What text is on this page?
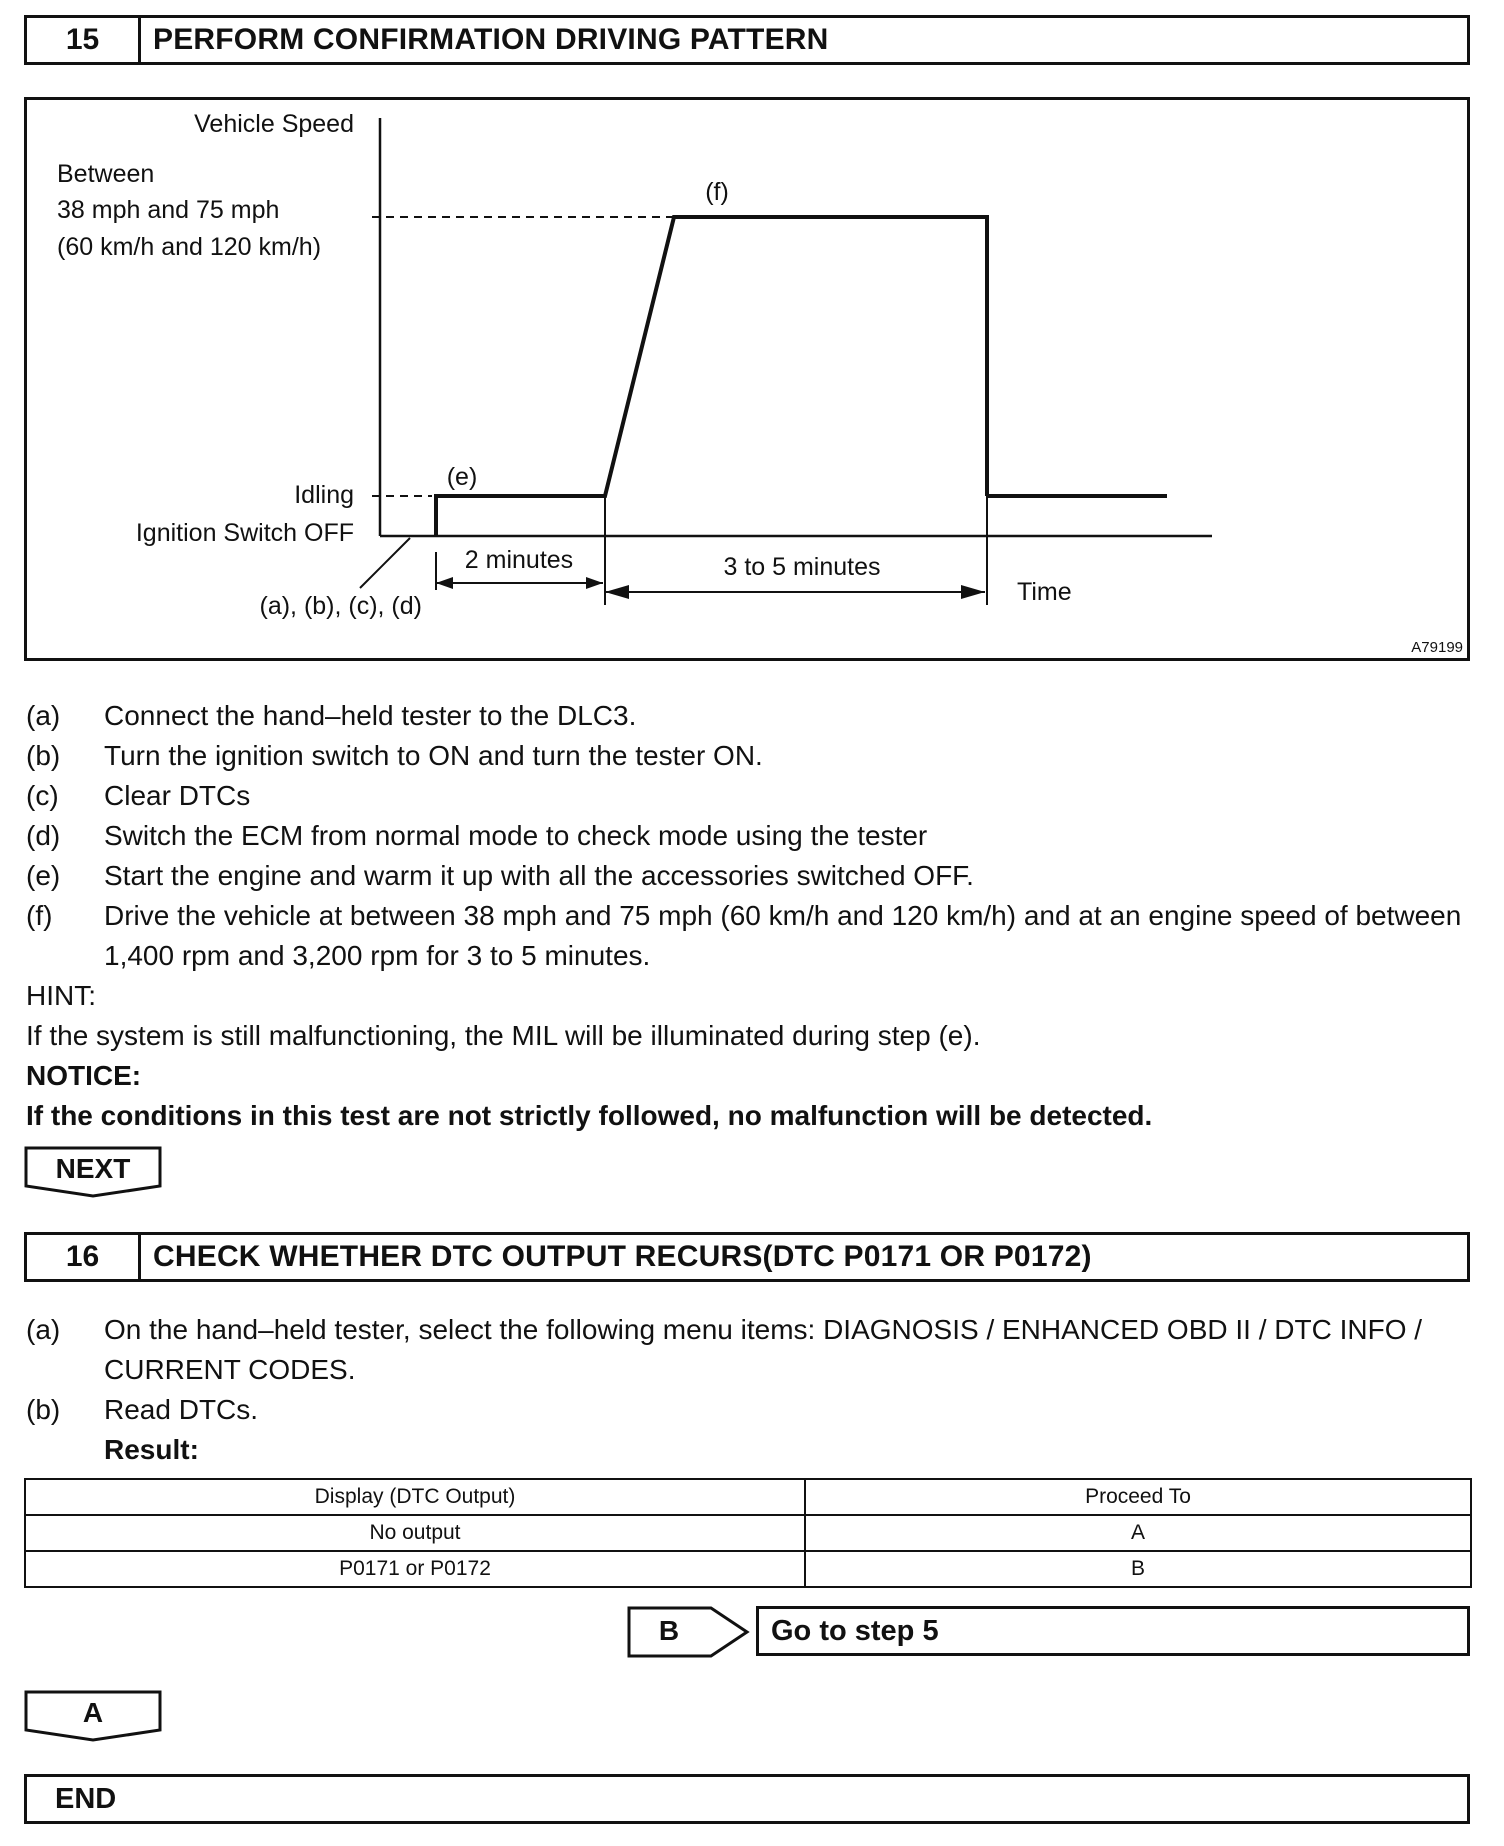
15	PERFORM CONFIRMATION DRIVING PATTERN
Vehicle Speed
Between
38 mph and 75 mph
(60 km/h and 120 km/h)
Idling
Ignition Switch OFF
(a), (b), (c), (d)
(e)
(f)
2 minutes	3 to 5 minutes
Time
A79199
(a)	Connect the hand–held tester to the DLC3.
(b)	Turn the ignition switch to ON and turn the tester ON.
(c)	Clear DTCs
(d)	Switch the ECM from normal mode to check mode using the tester
(e)	Start the engine and warm it up with all the accessories switched OFF.
(f)	Drive the vehicle at between 38 mph and 75 mph (60 km/h and 120 km/h) and at an engine speed of between 1,400 rpm and 3,200 rpm for 3 to 5 minutes.
HINT:
If the system is still malfunctioning, the MIL will be illuminated during step (e).
NOTICE:
If the conditions in this test are not strictly followed, no malfunction will be detected.
NEXT
16	CHECK WHETHER DTC OUTPUT RECURS(DTC P0171 OR P0172)
(a)	On the hand–held tester, select the following menu items: DIAGNOSIS / ENHANCED OBD II / DTC INFO / CURRENT CODES.
(b)	Read DTCs.
Result:
Display (DTC Output)	Proceed To
No output	A
P0171 or P0172	B
B	Go to step 5
A
END
